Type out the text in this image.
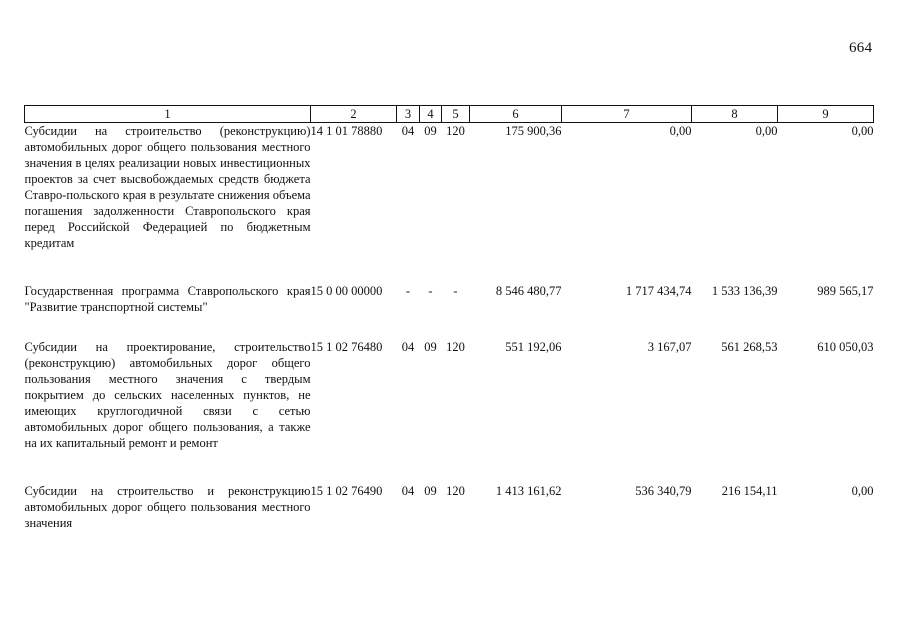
664
1	2	3	4	5	6	7	8	9
Субсидии на строительство (реконструкцию) автомобильных дорог общего пользования местного значения в целях реализации новых инвестиционных проектов за счет высвобождаемых средств бюджета Ставро-польского края в результате снижения объема погашения задолженности Ставропольского края перед Российской Федерацией по бюджетным кредитам	14 1 01 78880	04	09	120	175 900,36	0,00	0,00	0,00

Государственная программа Ставропольского края "Развитие транспортной системы"	15 0 00 00000	-	-	-	8 546 480,77	1 717 434,74	1 533 136,39	989 565,17

Субсидии на проектирование, строительство (реконструкцию) автомобильных дорог общего пользования местного значения с твердым покрытием до сельских населенных пунктов, не имеющих круглогодичной связи с сетью автомобильных дорог общего пользования, а также на их капитальный ремонт и ремонт	15 1 02 76480	04	09	120	551 192,06	3 167,07	561 268,53	610 050,03

Субсидии на строительство и реконструкцию автомобильных дорог общего пользования местного значения	15 1 02 76490	04	09	120	1 413 161,62	536 340,79	216 154,11	0,00
